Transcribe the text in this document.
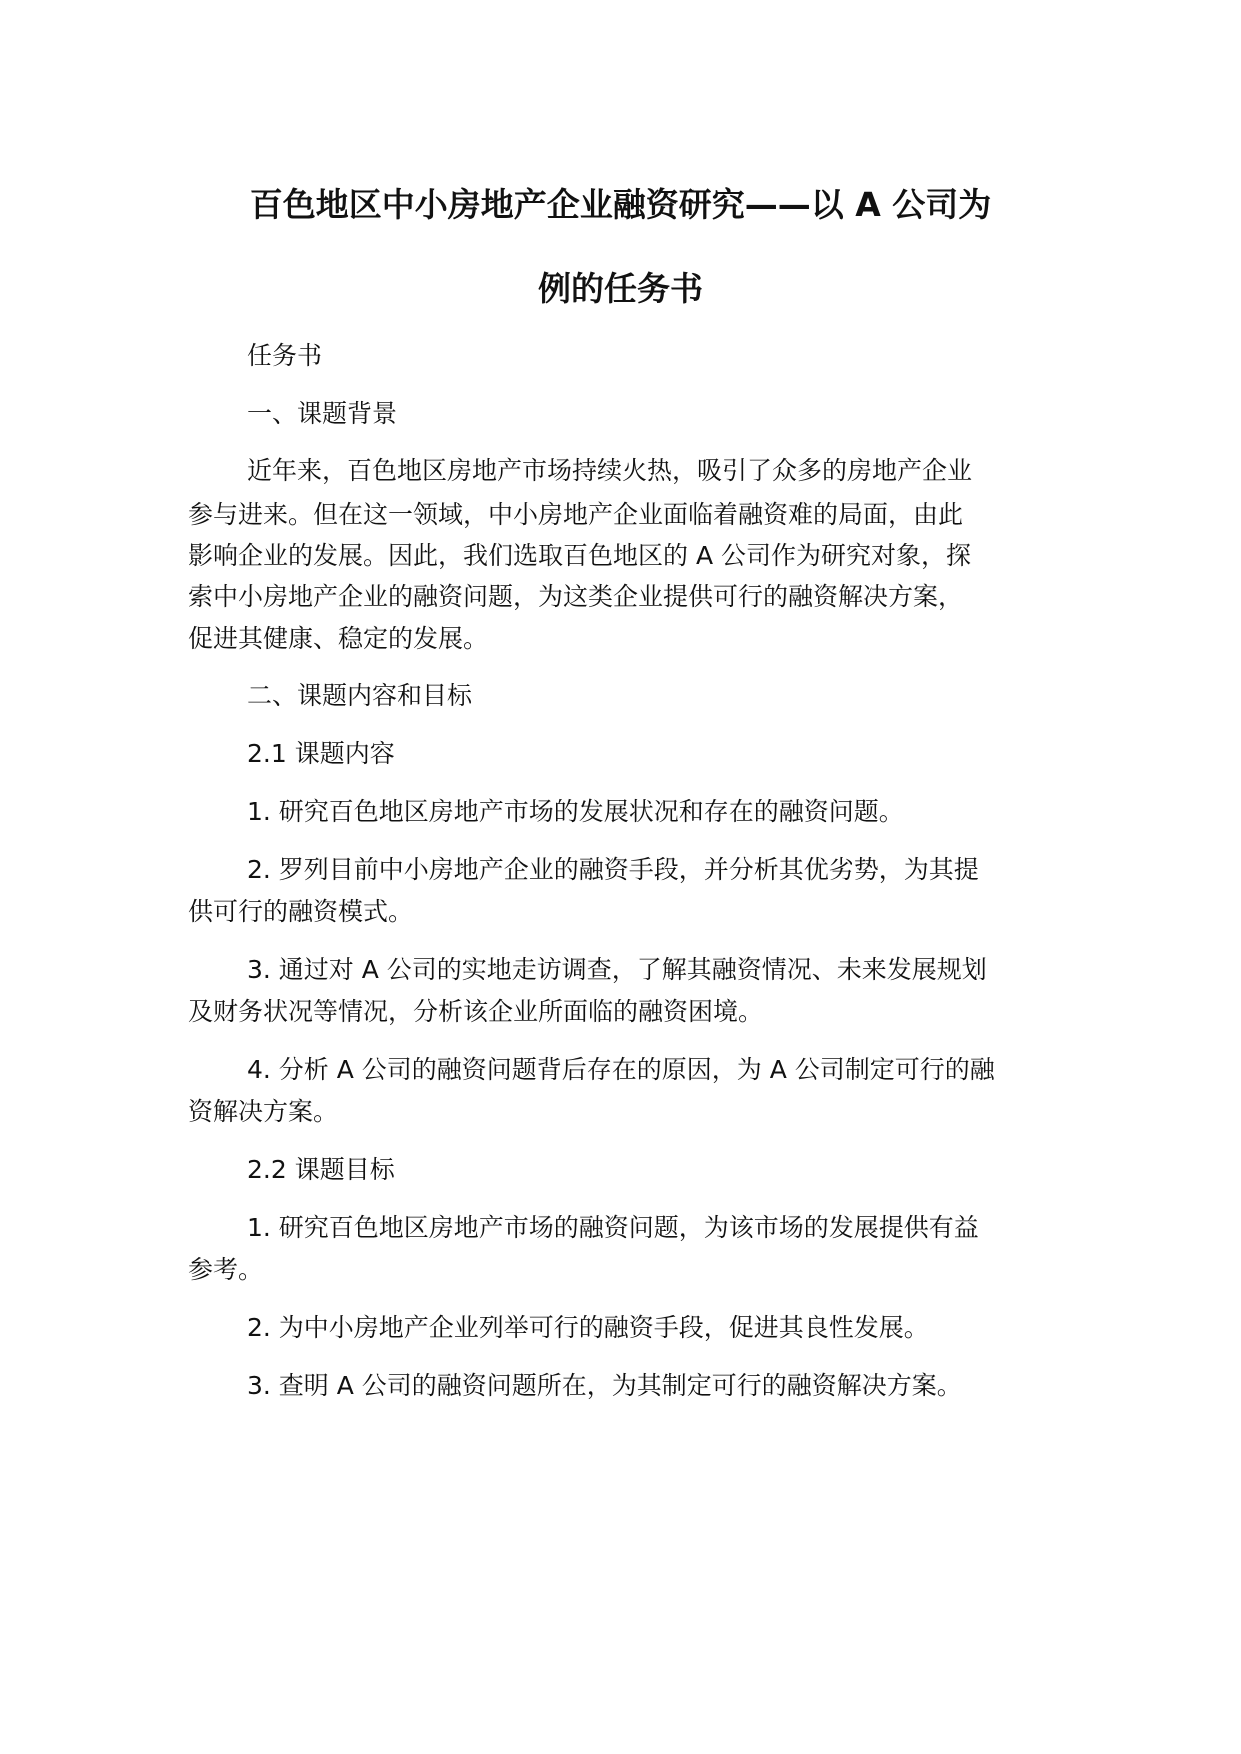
百色地区中小房地产企业融资研究——以 A 公司为
例的任务书

任务书

一、课题背景

近年来，百色地区房地产市场持续火热，吸引了众多的房地产企业

参与进来。但在这一领域，中小房地产企业面临着融资难的局面，由此

影响企业的发展。因此，我们选取百色地区的 A 公司作为研究对象，探

索中小房地产企业的融资问题，为这类企业提供可行的融资解决方案，

促进其健康、稳定的发展。

二、课题内容和目标

2.1 课题内容

1. 研究百色地区房地产市场的发展状况和存在的融资问题。

2. 罗列目前中小房地产企业的融资手段，并分析其优劣势，为其提

供可行的融资模式。

3. 通过对 A 公司的实地走访调查，了解其融资情况、未来发展规划

及财务状况等情况，分析该企业所面临的融资困境。

4. 分析 A 公司的融资问题背后存在的原因，为 A 公司制定可行的融

资解决方案。

2.2 课题目标

1. 研究百色地区房地产市场的融资问题，为该市场的发展提供有益

参考。

2. 为中小房地产企业列举可行的融资手段，促进其良性发展。

3. 查明 A 公司的融资问题所在，为其制定可行的融资解决方案。
